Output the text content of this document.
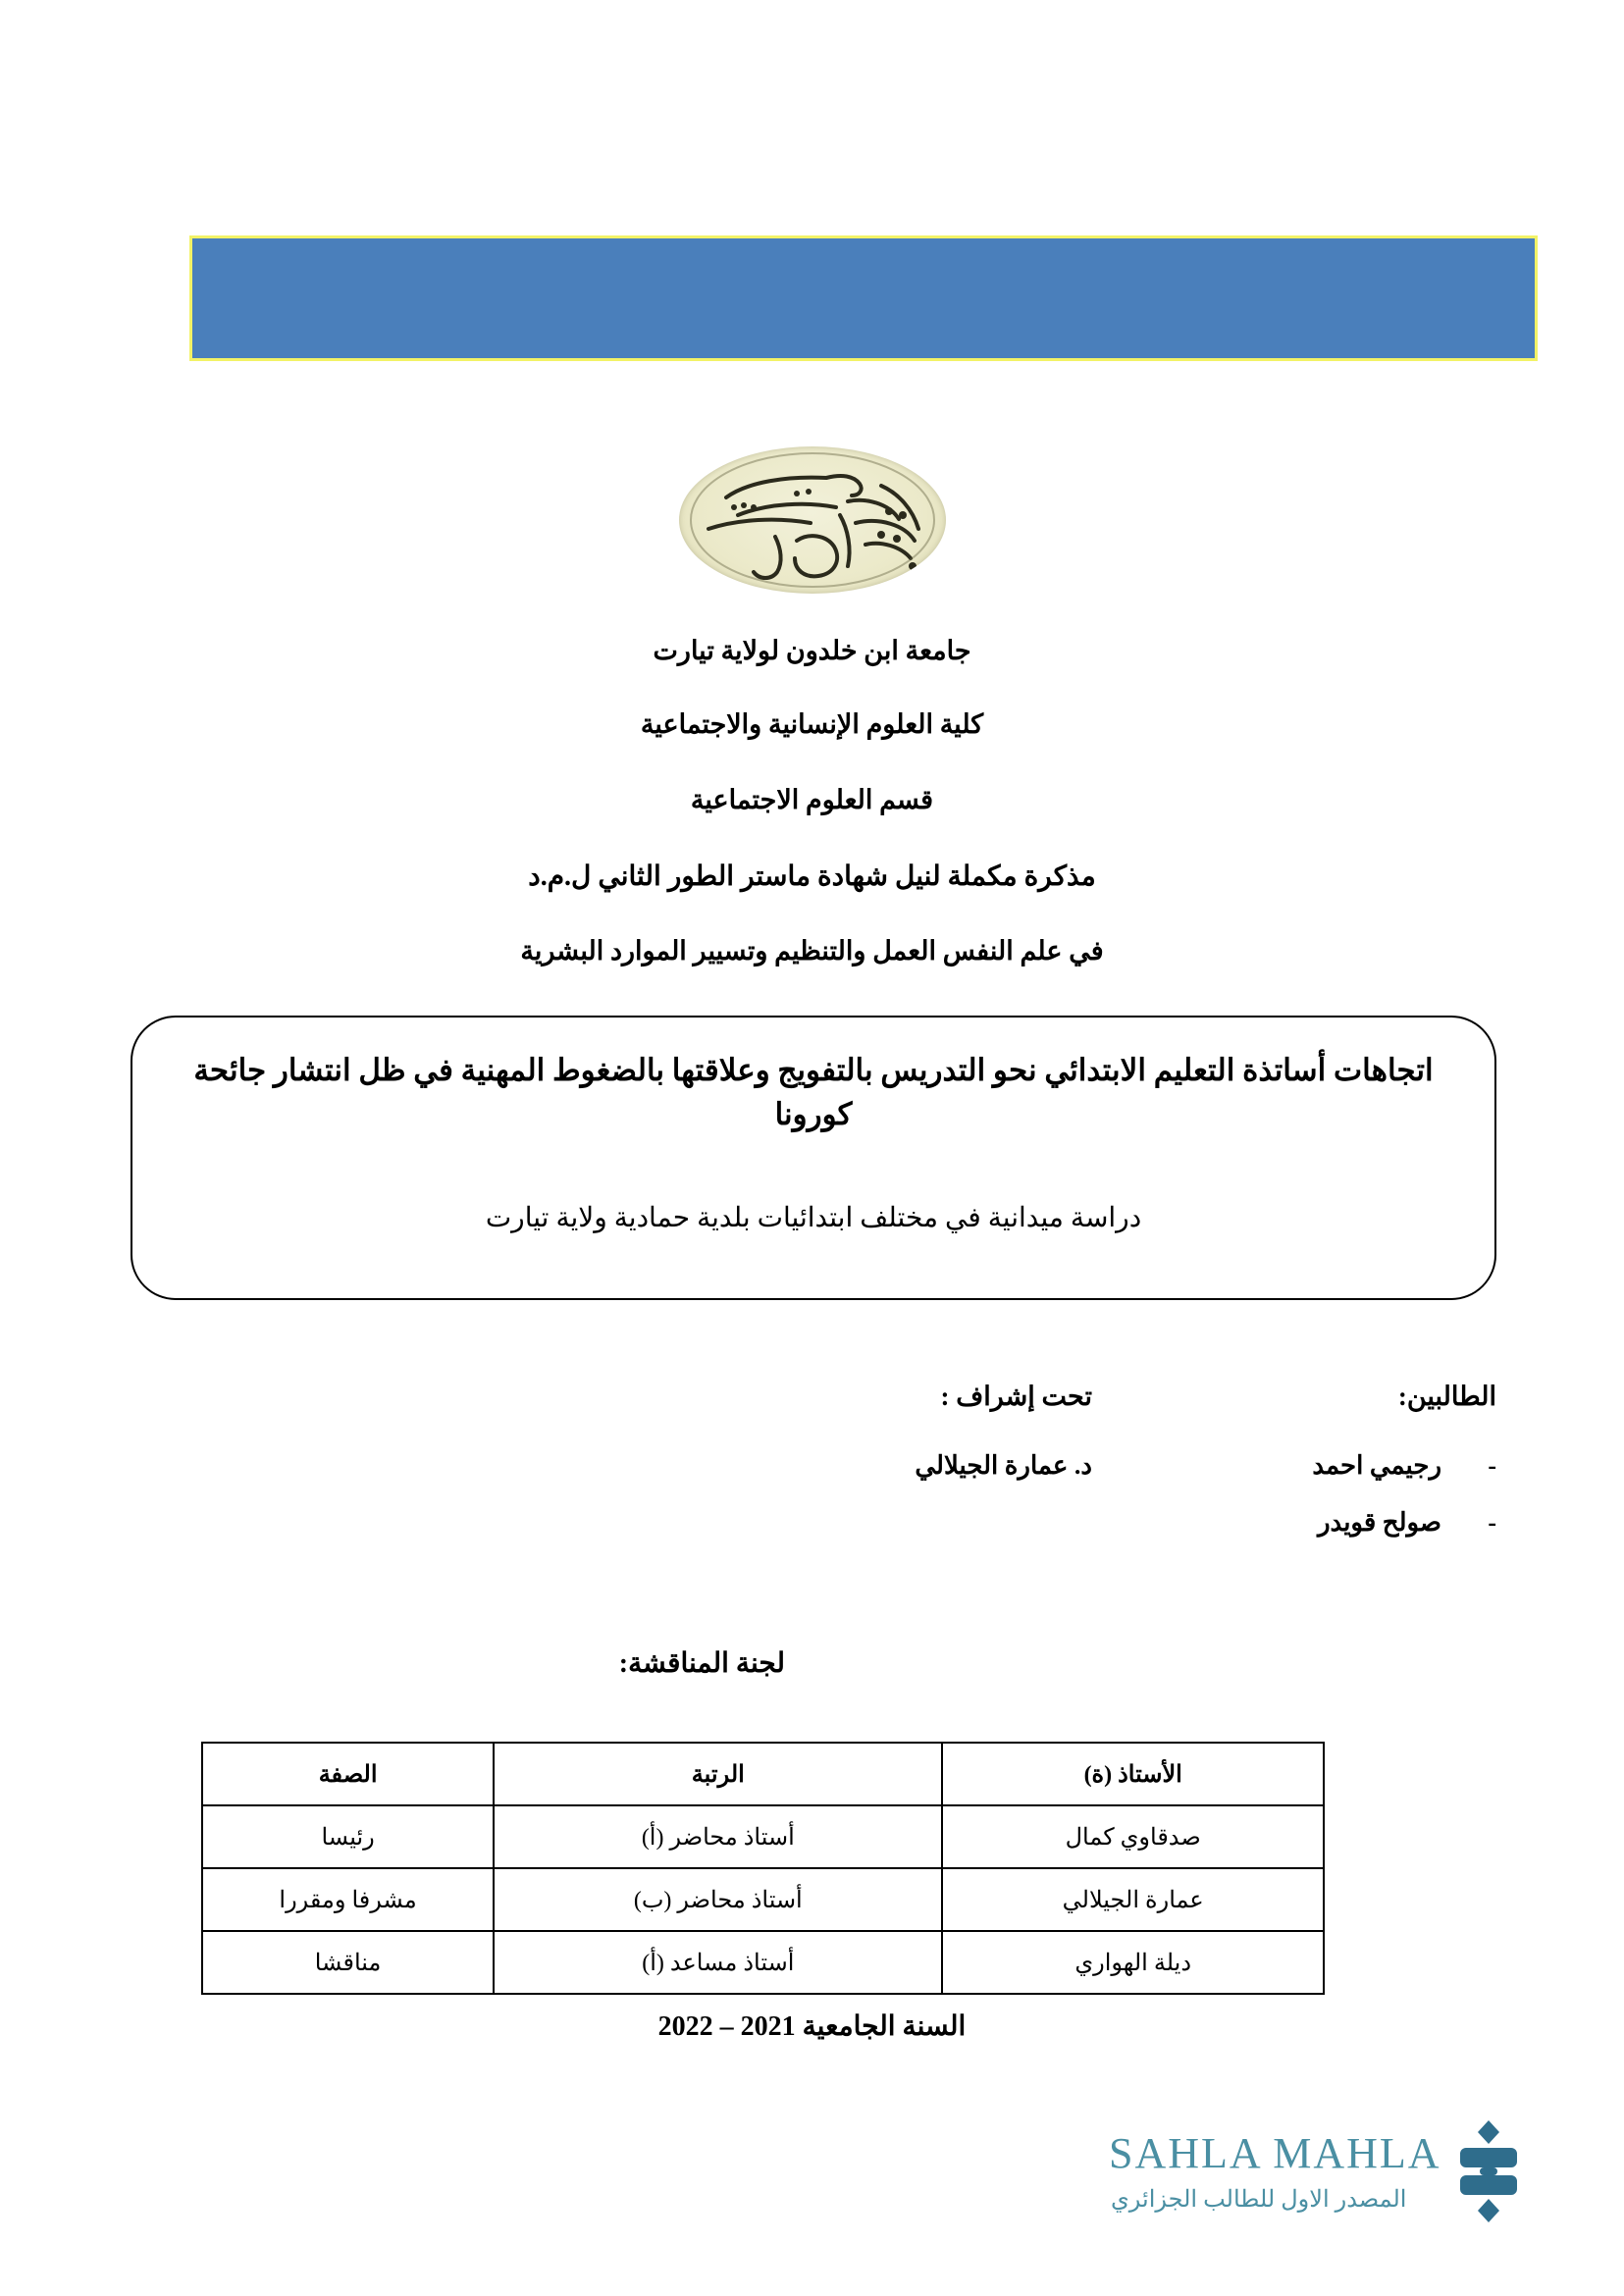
جامعة ابن خلدون لولاية تيارت
كلية العلوم الإنسانية والاجتماعية
قسم العلوم الاجتماعية
مذكرة مكملة لنيل شهادة ماستر الطور الثاني ل.م.د
في علم النفس العمل والتنظيم وتسيير الموارد البشرية
اتجاهات أساتذة التعليم الابتدائي نحو التدريس بالتفويج وعلاقتها بالضغوط المهنية في ظل انتشار جائحة كورونا
دراسة ميدانية في مختلف ابتدائيات بلدية حمادية ولاية تيارت
الطالبين:
-رجيمي احمد
-صولح قويدر
تحت إشراف :
د. عمارة الجيلالي
لجنة المناقشة:
الأستاذ (ة)	الرتبة	الصفة
صدقاوي كمال	أستاذ محاضر (أ)	رئيسا
عمارة الجيلالي	أستاذ محاضر (ب)	مشرفا ومقررا
ديلة الهواري	أستاذ مساعد (أ)	مناقشا
السنة الجامعية 2021 – 2022
SAHLA MAHLA
المصدر الاول للطالب الجزائري
